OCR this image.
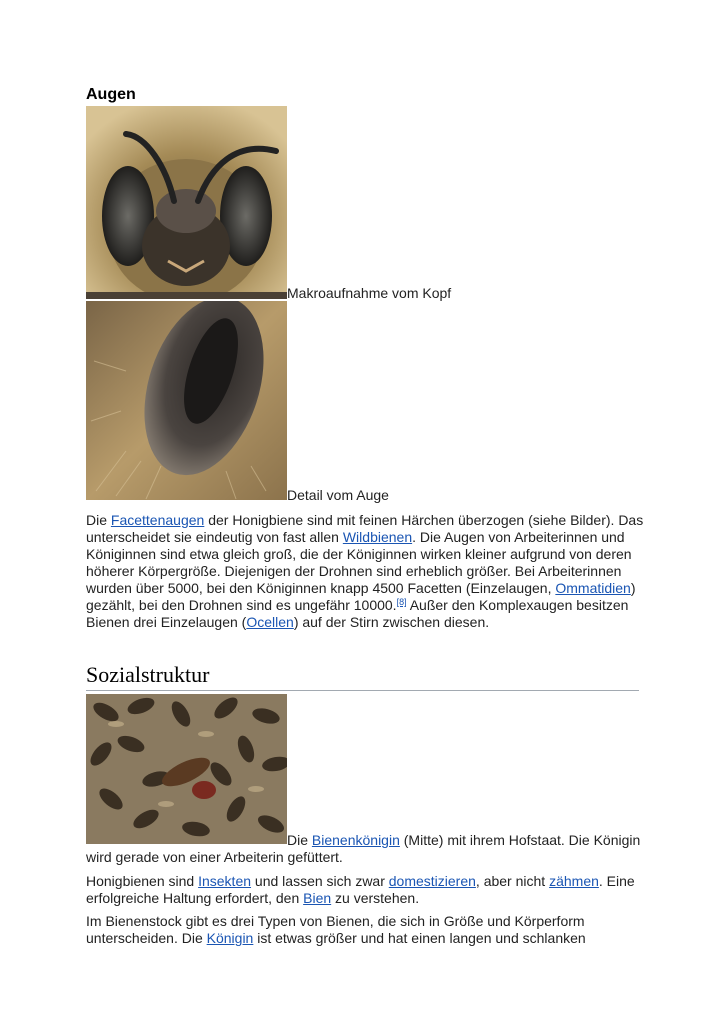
Augen
Makroaufnahme vom Kopf
Detail vom Auge

Die Facettenaugen der Honigbiene sind mit feinen Härchen überzogen (siehe Bilder). Das unterscheidet sie eindeutig von fast allen Wildbienen. Die Augen von Arbeiterinnen und Königinnen sind etwa gleich groß, die der Königinnen wirken kleiner aufgrund von deren höherer Körpergröße. Diejenigen der Drohnen sind erheblich größer. Bei Arbeiterinnen wurden über 5000, bei den Königinnen knapp 4500 Facetten (Einzelaugen, Ommatidien) gezählt, bei den Drohnen sind es ungefähr 10000.[8] Außer den Komplexaugen besitzen Bienen drei Einzelaugen (Ocellen) auf der Stirn zwischen diesen.

Sozialstruktur
Die Bienenkönigin (Mitte) mit ihrem Hofstaat. Die Königin wird gerade von einer Arbeiterin gefüttert.

Honigbienen sind Insekten und lassen sich zwar domestizieren, aber nicht zähmen. Eine erfolgreiche Haltung erfordert, den Bien zu verstehen.

Im Bienenstock gibt es drei Typen von Bienen, die sich in Größe und Körperform unterscheiden. Die Königin ist etwas größer und hat einen langen und schlanken
